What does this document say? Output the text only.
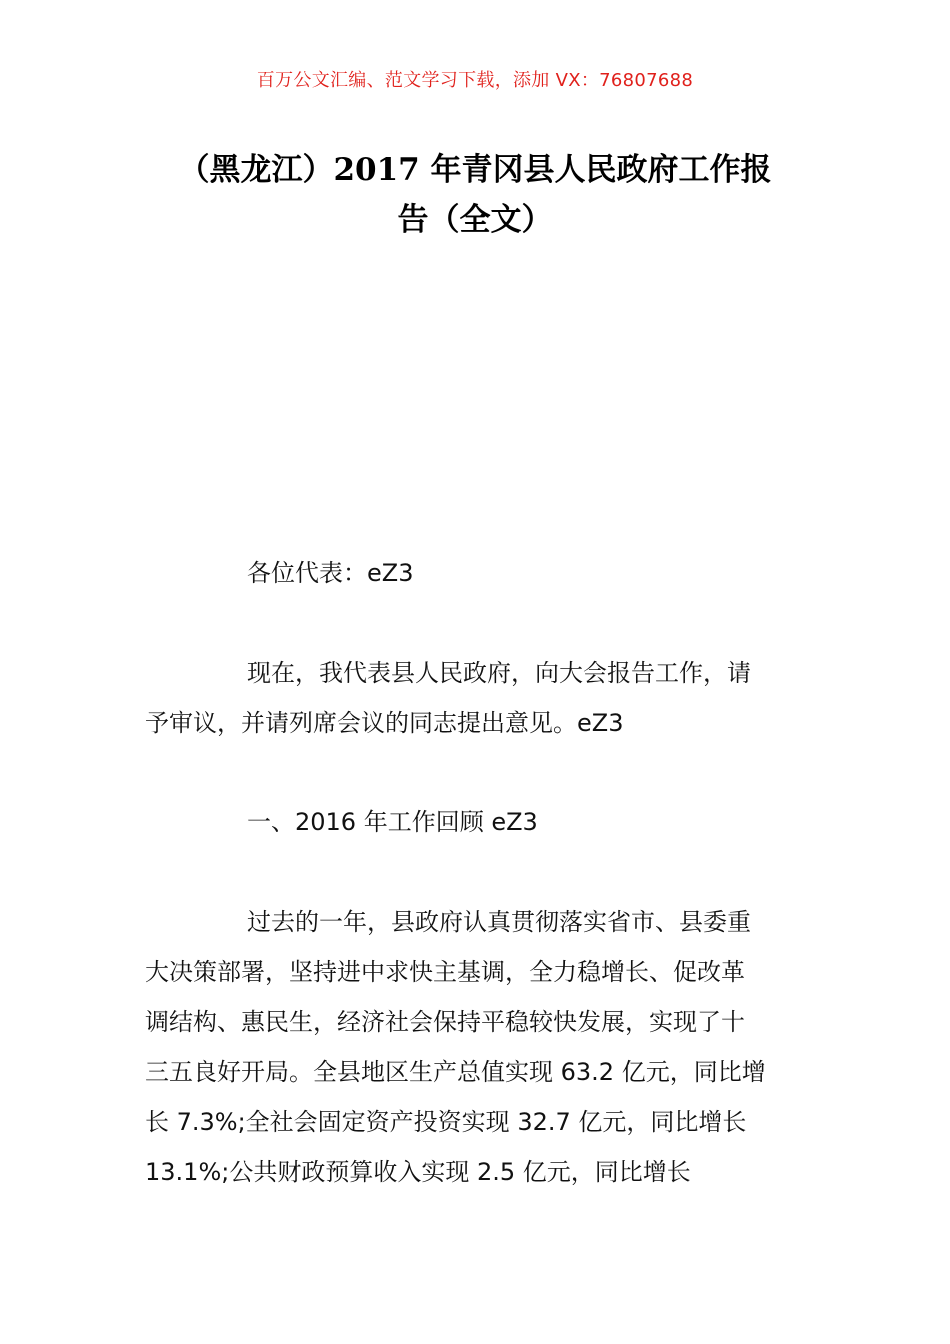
百万公文汇编、范文学习下载，添加 VX：76807688
（黑龙江）2017 年青冈县人民政府工作报
告（全文）
各位代表：eZ3
现在，我代表县人民政府，向大会报告工作，请
予审议，并请列席会议的同志提出意见。eZ3
一、2016 年工作回顾 eZ3
过去的一年，县政府认真贯彻落实省市、县委重
大决策部署，坚持进中求快主基调，全力稳增长、促改革
调结构、惠民生，经济社会保持平稳较快发展，实现了十
三五良好开局。全县地区生产总值实现 63.2 亿元，同比增
长 7.3%;全社会固定资产投资实现 32.7 亿元，同比增长
13.1%;公共财政预算收入实现 2.5 亿元，同比增长
